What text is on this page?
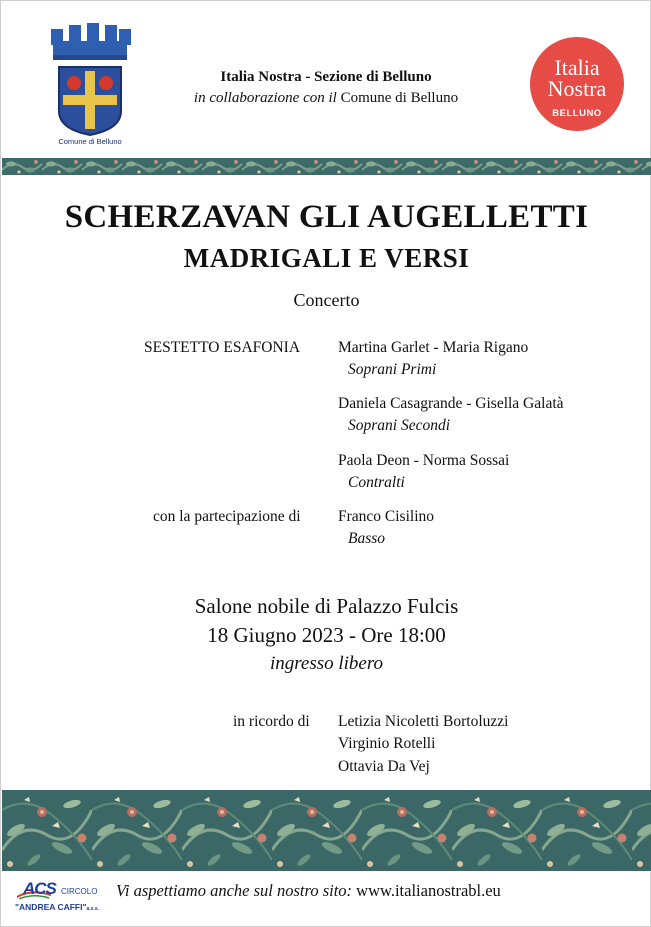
Comune di Belluno
Italia Nostra - Sezione di Belluno
in collaborazione con il Comune di Belluno
Italia
Nostra
BELLUNO
SCHERZAVAN GLI AUGELLETTI
MADRIGALI E VERSI
Concerto
SESTETTO ESAFONIA Martina Garlet - Maria Rigano
Soprani Primi
Daniela Casagrande - Gisella Galatà
Soprani Secondi
Paola Deon - Norma Sossai
Contralti
con la partecipazione di Franco Cisilino
Basso
Salone nobile di Palazzo Fulcis
18 Giugno 2023 - Ore 18:00
ingresso libero
in ricordo di Letizia Nicoletti Bortoluzzi
Virginio Rotelli
Ottavia Da Vej
ACS CIRCOLO
"ANDREA CAFFI"a.s.s.
Vi aspettiamo anche sul nostro sito: www.italianostrabl.eu
